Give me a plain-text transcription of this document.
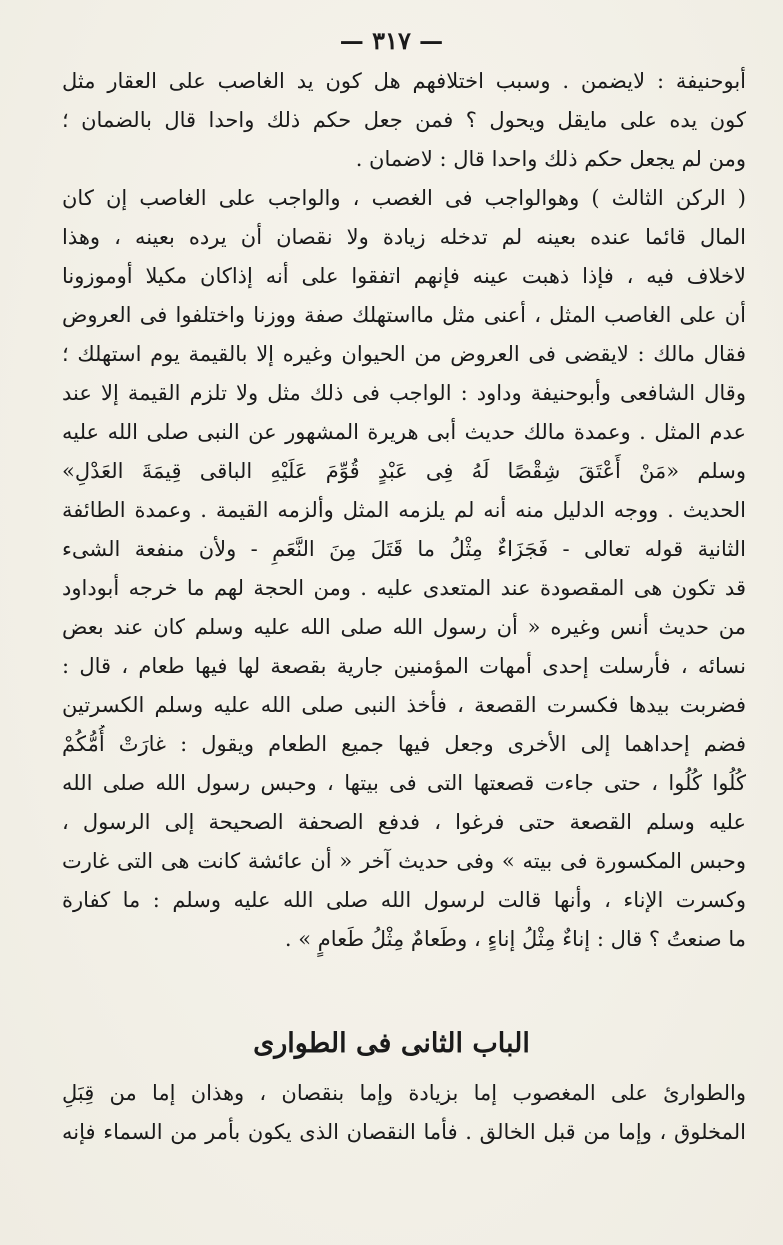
— ٣١٧ —
أبوحنيفة : لايضمن . وسبب اختلافهم هل كون يد الغاصب على العقار مثل
كون يده على مايقل ويحول ؟ فمن جعل حكم ذلك واحدا قال بالضمان ؛
ومن لم يجعل حكم ذلك واحدا قال : لاضمان .
( الركن الثالث ) وهوالواجب فى الغصب ، والواجب على الغاصب إن كان
المال قائما عنده بعينه لم تدخله زيادة ولا نقصان أن يرده بعينه ، وهذا
لاخلاف فيه ، فإذا ذهبت عينه فإنهم اتفقوا على أنه إذاكان مكيلا أوموزونا
أن على الغاصب المثل ، أعنى مثل مااستهلك صفة ووزنا واختلفوا فى العروض
فقال مالك : لايقضى فى العروض من الحيوان وغيره إلا بالقيمة يوم استهلك ؛
وقال الشافعى وأبوحنيفة وداود : الواجب فى ذلك مثل ولا تلزم القيمة إلا عند
عدم المثل . وعمدة مالك حديث أبى هريرة المشهور عن النبى صلى الله عليه
وسلم «مَنْ أَعْتَقَ شِقْصًا لَهُ فِى عَبْدٍ قُوِّمَ عَلَيْهِ الباقى قِيمَةَ العَدْلِ»
الحديث . ووجه الدليل منه أنه لم يلزمه المثل وألزمه القيمة . وعمدة الطائفة
الثانية قوله تعالى - فَجَزَاءٌ مِثْلُ ما قَتَلَ مِنَ النَّعَمِ - ولأن منفعة الشىء
قد تكون هى المقصودة عند المتعدى عليه . ومن الحجة لهم ما خرجه أبوداود
من حديث أنس وغيره « أن رسول الله صلى الله عليه وسلم كان عند بعض
نسائه ، فأرسلت إحدى أمهات المؤمنين جارية بقصعة لها فيها طعام ، قال :
فضربت بيدها فكسرت القصعة ، فأخذ النبى صلى الله عليه وسلم الكسرتين
فضم إحداهما إلى الأخرى وجعل فيها جميع الطعام ويقول : غارَتْ أُمُّكُمْ
كُلُوا كُلُوا ، حتى جاءت قصعتها التى فى بيتها ، وحبس رسول الله صلى الله
عليه وسلم القصعة حتى فرغوا ، فدفع الصحفة الصحيحة إلى الرسول ،
وحبس المكسورة فى بيته » وفى حديث آخر « أن عائشة كانت هى التى غارت
وكسرت الإناء ، وأنها قالت لرسول الله صلى الله عليه وسلم : ما كفارة
ما صنعتُ ؟ قال : إناءٌ مِثْلُ إناءٍ ، وطَعامٌ مِثْلُ طَعامٍ » .
الباب الثانى فى الطوارى
والطوارئ على المغصوب إما بزيادة وإما بنقصان ، وهذان إما من قِبَلِ
المخلوق ، وإما من قبل الخالق . فأما النقصان الذى يكون بأمر من السماء فإنه
